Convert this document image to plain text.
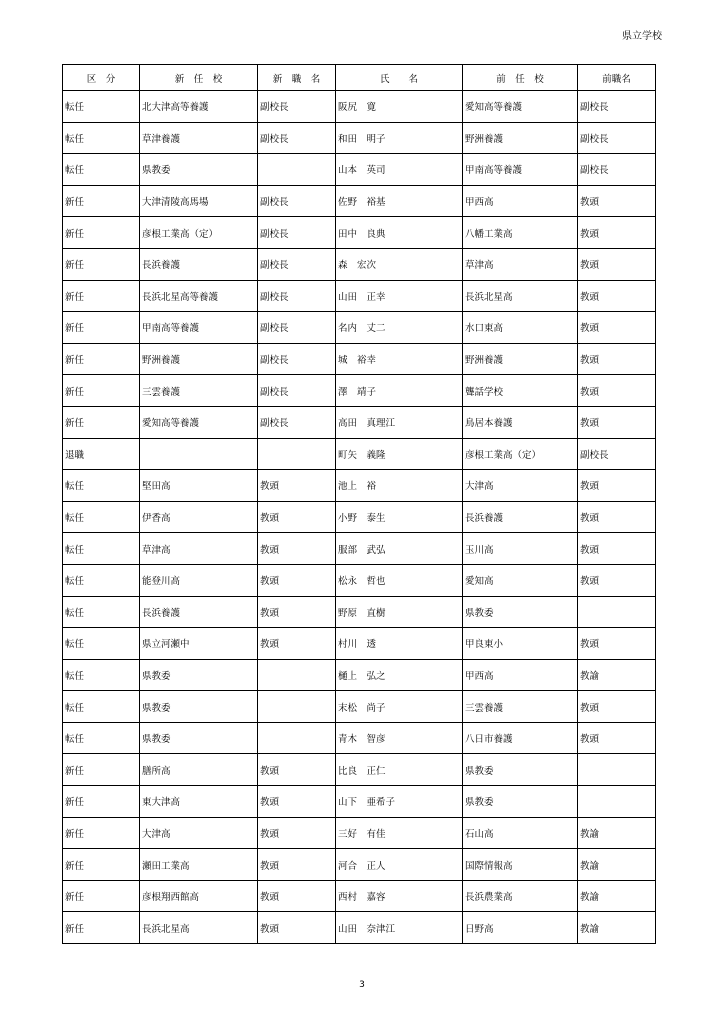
県立学校
区　分	新　任　校	新　職　名	氏　　名	前　任　校	前職名
転任	北大津高等養護	副校長	阪尻　寛	愛知高等養護	副校長
転任	草津養護	副校長	和田　明子	野洲養護	副校長
転任	県教委		山本　英司	甲南高等養護	副校長
新任	大津清陵高馬場	副校長	佐野　裕基	甲西高	教頭
新任	彦根工業高（定）	副校長	田中　良典	八幡工業高	教頭
新任	長浜養護	副校長	森　宏次	草津高	教頭
新任	長浜北星高等養護	副校長	山田　正幸	長浜北星高	教頭
新任	甲南高等養護	副校長	名内　丈二	水口東高	教頭
新任	野洲養護	副校長	城　裕幸	野洲養護	教頭
新任	三雲養護	副校長	澤　靖子	聾話学校	教頭
新任	愛知高等養護	副校長	高田　真理江	鳥居本養護	教頭
退職			町矢　義隆	彦根工業高（定）	副校長
転任	堅田高	教頭	池上　裕	大津高	教頭
転任	伊香高	教頭	小野　泰生	長浜養護	教頭
転任	草津高	教頭	服部　武弘	玉川高	教頭
転任	能登川高	教頭	松永　哲也	愛知高	教頭
転任	長浜養護	教頭	野原　直樹	県教委	
転任	県立河瀬中	教頭	村川　透	甲良東小	教頭
転任	県教委		樋上　弘之	甲西高	教諭
転任	県教委		末松　尚子	三雲養護	教頭
転任	県教委		青木　智彦	八日市養護	教頭
新任	膳所高	教頭	比良　正仁	県教委	
新任	東大津高	教頭	山下　亜希子	県教委	
新任	大津高	教頭	三好　有佳	石山高	教諭
新任	瀬田工業高	教頭	河合　正人	国際情報高	教諭
新任	彦根翔西館高	教頭	西村　嘉容	長浜農業高	教諭
新任	長浜北星高	教頭	山田　奈津江	日野高	教諭
3
